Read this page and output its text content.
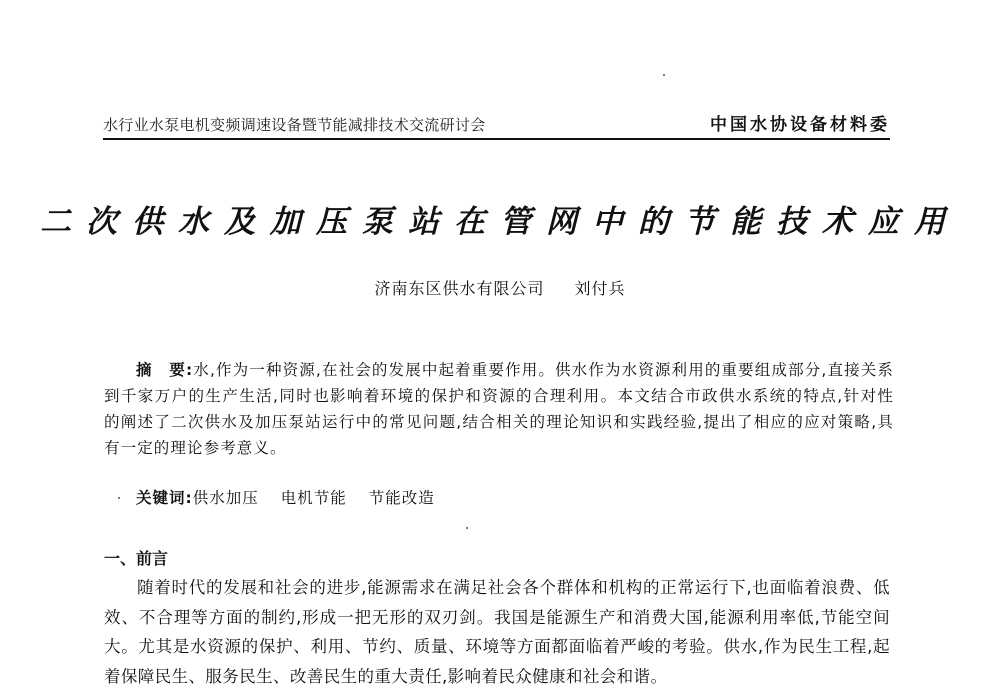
水行业水泵电机变频调速设备暨节能减排技术交流研讨会	中国水协设备材料委
二次供水及加压泵站在管网中的节能技术应用
济南东区供水有限公司 刘付兵
摘　要:水,作为一种资源,在社会的发展中起着重要作用。供水作为水资源利用的重要组成部分,直接关系到千家万户的生产生活,同时也影响着环境的保护和资源的合理利用。本文结合市政供水系统的特点,针对性的阐述了二次供水及加压泵站运行中的常见问题,结合相关的理论知识和实践经验,提出了相应的应对策略,具有一定的理论参考意义。
关键词:供水加压 电机节能 节能改造
一、前言
随着时代的发展和社会的进步,能源需求在满足社会各个群体和机构的正常运行下,也面临着浪费、低效、不合理等方面的制约,形成一把无形的双刃剑。我国是能源生产和消费大国,能源利用率低,节能空间大。尤其是水资源的保护、利用、节约、质量、环境等方面都面临着严峻的考验。供水,作为民生工程,起着保障民生、服务民生、改善民生的重大责任,影响着民众健康和社会和谐。
